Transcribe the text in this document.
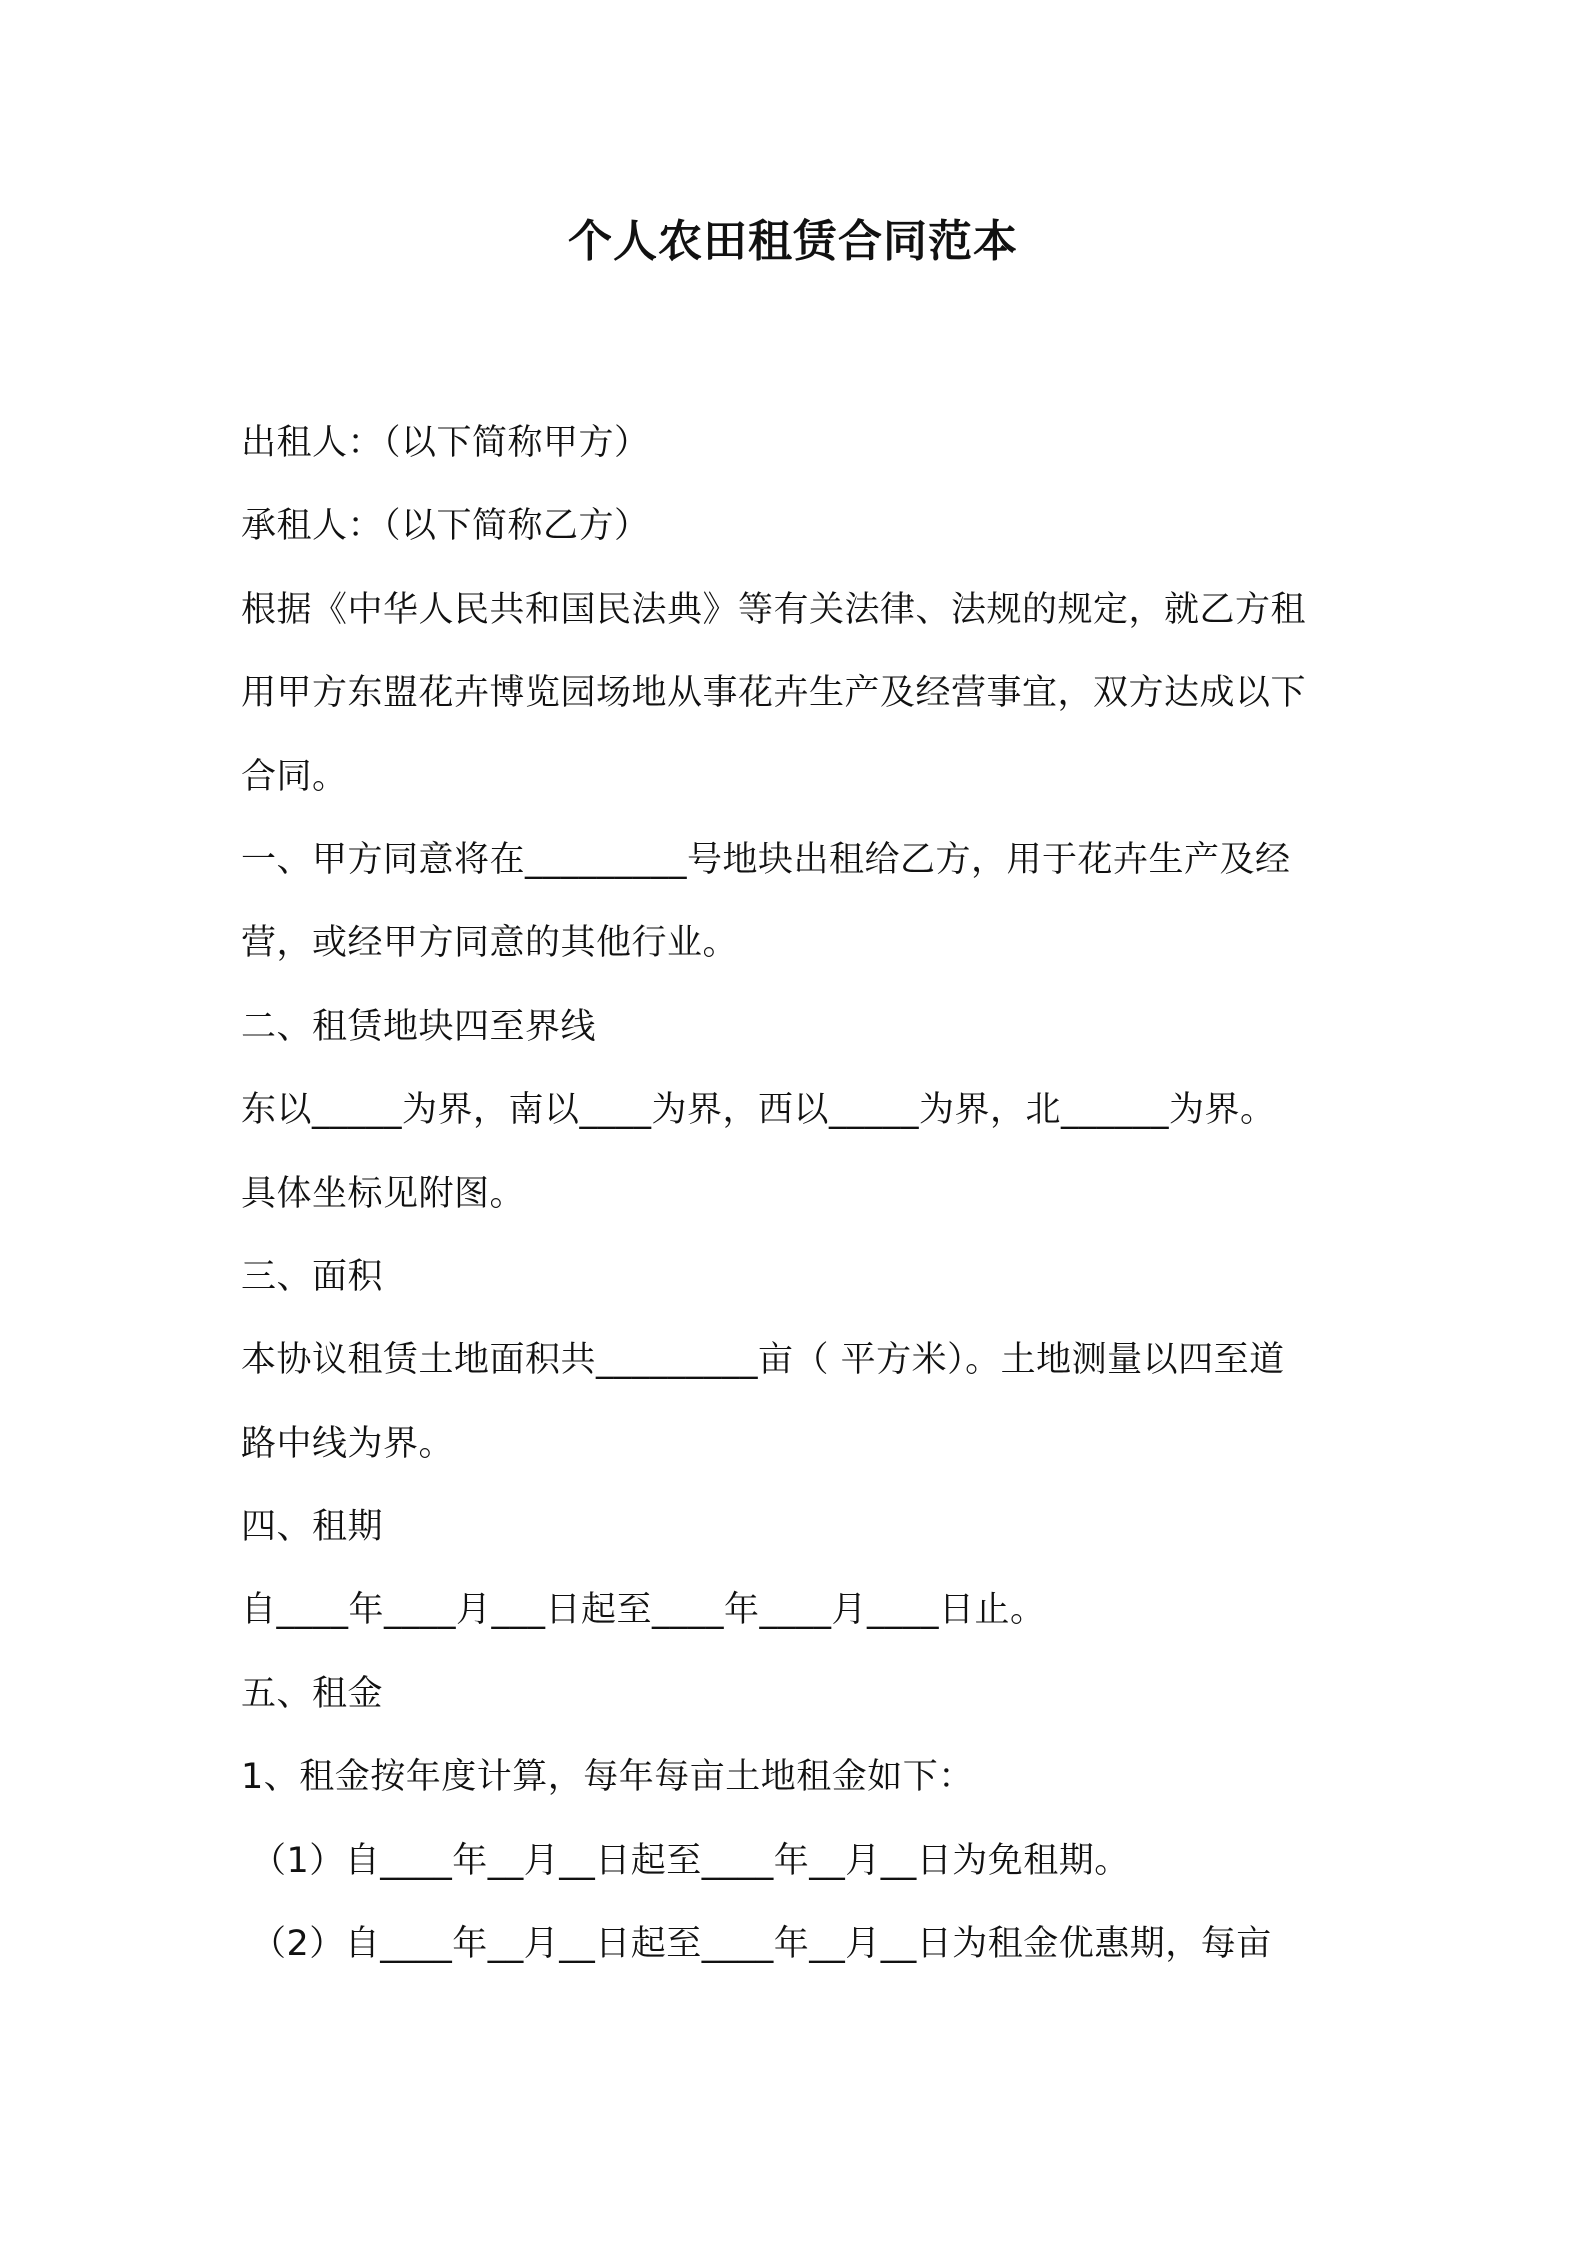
个人农田租赁合同范本
出租人：（以下简称甲方）
承租人：（以下简称乙方）
根据《中华人民共和国民法典》等有关法律、法规的规定，就乙方租
用甲方东盟花卉博览园场地从事花卉生产及经营事宜，双方达成以下
合同。
一、甲方同意将在_________号地块出租给乙方，用于花卉生产及经
营，或经甲方同意的其他行业。
二、租赁地块四至界线
东以_____为界，南以____为界，西以_____为界，北______为界。
具体坐标见附图。
三、面积
本协议租赁土地面积共_________亩（ 平方米）。土地测量以四至道
路中线为界。
四、租期
自____年____月___日起至____年____月____日止。
五、租金
1、租金按年度计算，每年每亩土地租金如下：
（1）自____年__月__日起至____年__月__日为免租期。
（2）自____年__月__日起至____年__月__日为租金优惠期，每亩
